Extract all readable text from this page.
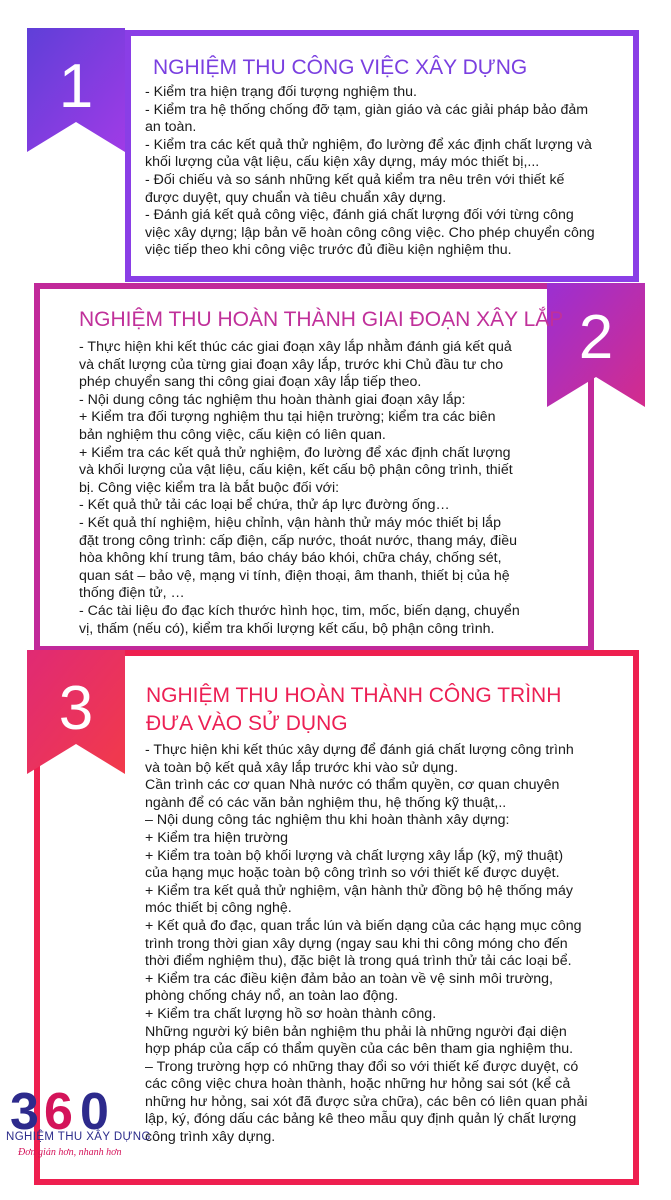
1	NGHIỆM THU CÔNG VIỆC XÂY DỰNG

- Kiểm tra hiện trạng đối tượng nghiệm thu.

- Kiểm tra hệ thống chống đỡ tạm, giàn giáo và các giải pháp bảo đảm

an toàn.

- Kiểm tra các kết quả thử nghiệm, đo lường để xác định chất lượng và

khối lượng của vật liệu, cấu kiện xây dựng, máy móc thiết bị,...

- Đối chiếu và so sánh những kết quả kiểm tra nêu trên với thiết kế

được duyệt, quy chuẩn và tiêu chuẩn xây dựng.

- Đánh giá kết quả công việc, đánh giá chất lượng đối với từng công

việc xây dựng; lập bản vẽ hoàn công công việc. Cho phép chuyển công

việc tiếp theo khi công việc trước đủ điều kiện nghiệm thu.

2
NGHIỆM THU HOÀN THÀNH GIAI ĐOẠN XÂY LẮP

- Thực hiện khi kết thúc các giai đoạn xây lắp nhằm đánh giá kết quả

và chất lượng của từng giai đoạn xây lắp, trước khi Chủ đầu tư cho

phép chuyển sang thi công giai đoạn xây lắp tiếp theo.

- Nội dung công tác nghiệm thu hoàn thành giai đoạn xây lắp:

+ Kiểm tra đối tượng nghiệm thu tại hiện trường; kiểm tra các biên

bản nghiệm thu công việc, cấu kiện có liên quan.

+ Kiểm tra các kết quả thử nghiệm, đo lường để xác định chất lượng

và khối lượng của vật liệu, cấu kiện, kết cấu bộ phận công trình, thiết

bị. Công việc kiểm tra là bắt buộc đối với:

- Kết quả thử tải các loại bể chứa, thử áp lực đường ống…

- Kết quả thí nghiệm, hiệu chỉnh, vận hành thử máy móc thiết bị lắp

đặt trong công trình: cấp điện, cấp nước, thoát nước, thang máy, điều

hòa không khí trung tâm, báo cháy báo khói, chữa cháy, chống sét,

quan sát – bảo vệ, mạng vi tính, điện thoại, âm thanh, thiết bị của hệ

thống điện tử, …

- Các tài liệu đo đạc kích thước hình học, tim, mốc, biến dạng, chuyển

vị, thấm (nếu có), kiểm tra khối lượng kết cấu, bộ phận công trình.

3	NGHIỆM THU HOÀN THÀNH CÔNG TRÌNH
ĐƯA VÀO SỬ DỤNG

- Thực hiện khi kết thúc xây dựng để đánh giá chất lượng công trình

và toàn bộ kết quả xây lắp trước khi vào sử dụng.

Cần trình các cơ quan Nhà nước có thẩm quyền, cơ quan chuyên

ngành để có các văn bản nghiệm thu, hệ thống kỹ thuật,..

– Nội dung công tác nghiệm thu khi hoàn thành xây dựng:

+ Kiểm tra hiện trường

+ Kiểm tra toàn bộ khối lượng và chất lượng xây lắp (kỹ, mỹ thuật)

của hạng mục hoặc toàn bộ công trình so với thiết kế được duyệt.

+ Kiểm tra kết quả thử nghiệm, vận hành thử đồng bộ hệ thống máy

móc thiết bị công nghệ.

+ Kết quả đo đạc, quan trắc lún và biến dạng của các hạng mục công

trình trong thời gian xây dựng (ngay sau khi thi công móng cho đến

thời điểm nghiệm thu), đặc biệt là trong quá trình thử tải các loại bể.

+ Kiểm tra các điều kiện đảm bảo an toàn về vệ sinh môi trường,

phòng chống cháy nổ, an toàn lao động.

+ Kiểm tra chất lượng hồ sơ hoàn thành công.

Những người ký biên bản nghiệm thu phải là những người đại diện

hợp pháp của cấp có thẩm quyền của các bên tham gia nghiệm thu.

– Trong trường hợp có những thay đổi so với thiết kế được duyệt, có

các công việc chưa hoàn thành, hoặc những hư hỏng sai sót (kể cả

những hư hỏng, sai xót đã được sửa chữa), các bên có liên quan phải

lập, ký, đóng dấu các bảng kê theo mẫu quy định quản lý chất lượng

công trình xây dựng.

3 6 0
NGHIỆM THU XÂY DỰNG
Đơn giản hơn, nhanh hơn
